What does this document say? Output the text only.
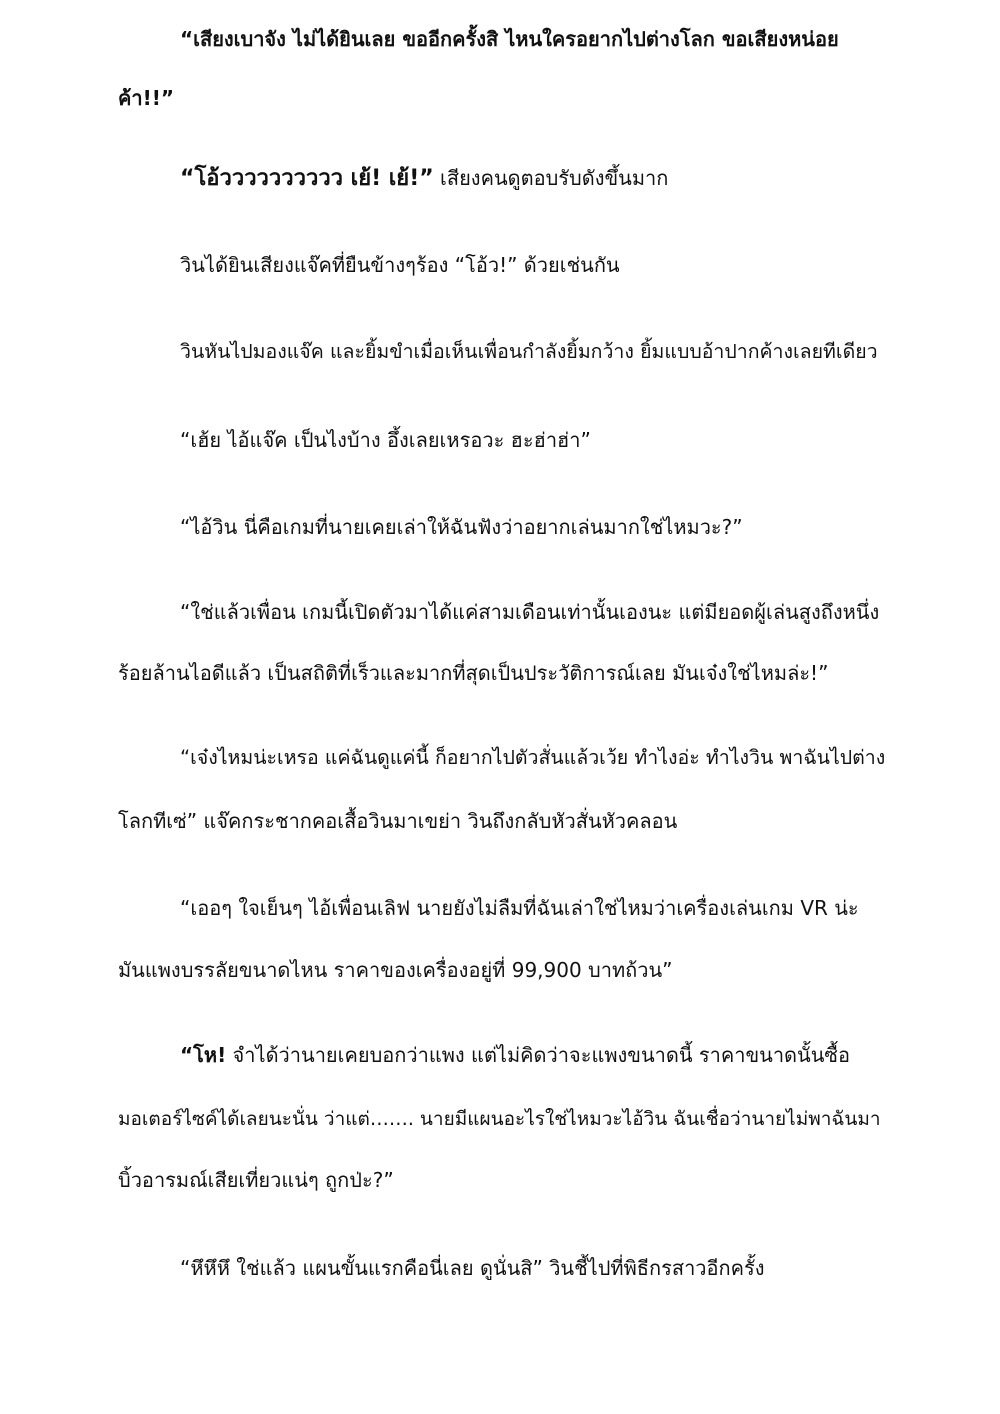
“เสียงเบาจัง ไม่ได้ยินเลย ขออีกครั้งสิ ไหนใครอยากไปต่างโลก ขอเสียงหน่อย
ค้า!!”
“โอ้วววววววววว เย้! เย้!” เสียงคนดูตอบรับดังขึ้นมาก
วินได้ยินเสียงแจ๊คที่ยืนข้างๆร้อง “โอ้ว!” ด้วยเช่นกัน
วินหันไปมองแจ๊ค และยิ้มขำเมื่อเห็นเพื่อนกำลังยิ้มกว้าง ยิ้มแบบอ้าปากค้างเลยทีเดียว
“เฮ้ย ไอ้แจ๊ค เป็นไงบ้าง อึ้งเลยเหรอวะ ฮะฮ่าฮ่า”
“ไอ้วิน นี่คือเกมที่นายเคยเล่าให้ฉันฟังว่าอยากเล่นมากใช่ไหมวะ?”
“ใช่แล้วเพื่อน เกมนี้เปิดตัวมาได้แค่สามเดือนเท่านั้นเองนะ แต่มียอดผู้เล่นสูงถึงหนึ่ง
ร้อยล้านไอดีแล้ว เป็นสถิติที่เร็วและมากที่สุดเป็นประวัติการณ์เลย มันเจ๋งใช่ไหมล่ะ!”
“เจ๋งไหมน่ะเหรอ แค่ฉันดูแค่นี้ ก็อยากไปตัวสั่นแล้วเว้ย ทำไงอ่ะ ทำไงวิน พาฉันไปต่าง
โลกทีเซ่” แจ๊คกระชากคอเสื้อวินมาเขย่า วินถึงกลับหัวสั่นหัวคลอน
“เออๆ ใจเย็นๆ ไอ้เพื่อนเลิฟ นายยังไม่ลืมที่ฉันเล่าใช่ไหมว่าเครื่องเล่นเกม VR น่ะ
มันแพงบรรลัยขนาดไหน ราคาของเครื่องอยู่ที่ 99,900 บาทถ้วน”
“โห! จำได้ว่านายเคยบอกว่าแพง แต่ไม่คิดว่าจะแพงขนาดนี้ ราคาขนาดนั้นซื้อ
มอเตอร์ไซค์ได้เลยนะนั่น ว่าแต่……. นายมีแผนอะไรใช่ไหมวะไอ้วิน ฉันเชื่อว่านายไม่พาฉันมา
บิ้วอารมณ์เสียเที่ยวแน่ๆ ถูกป่ะ?”
“หึหึหึ ใช่แล้ว แผนขั้นแรกคือนี่เลย ดูนั่นสิ” วินชี้ไปที่พิธีกรสาวอีกครั้ง
